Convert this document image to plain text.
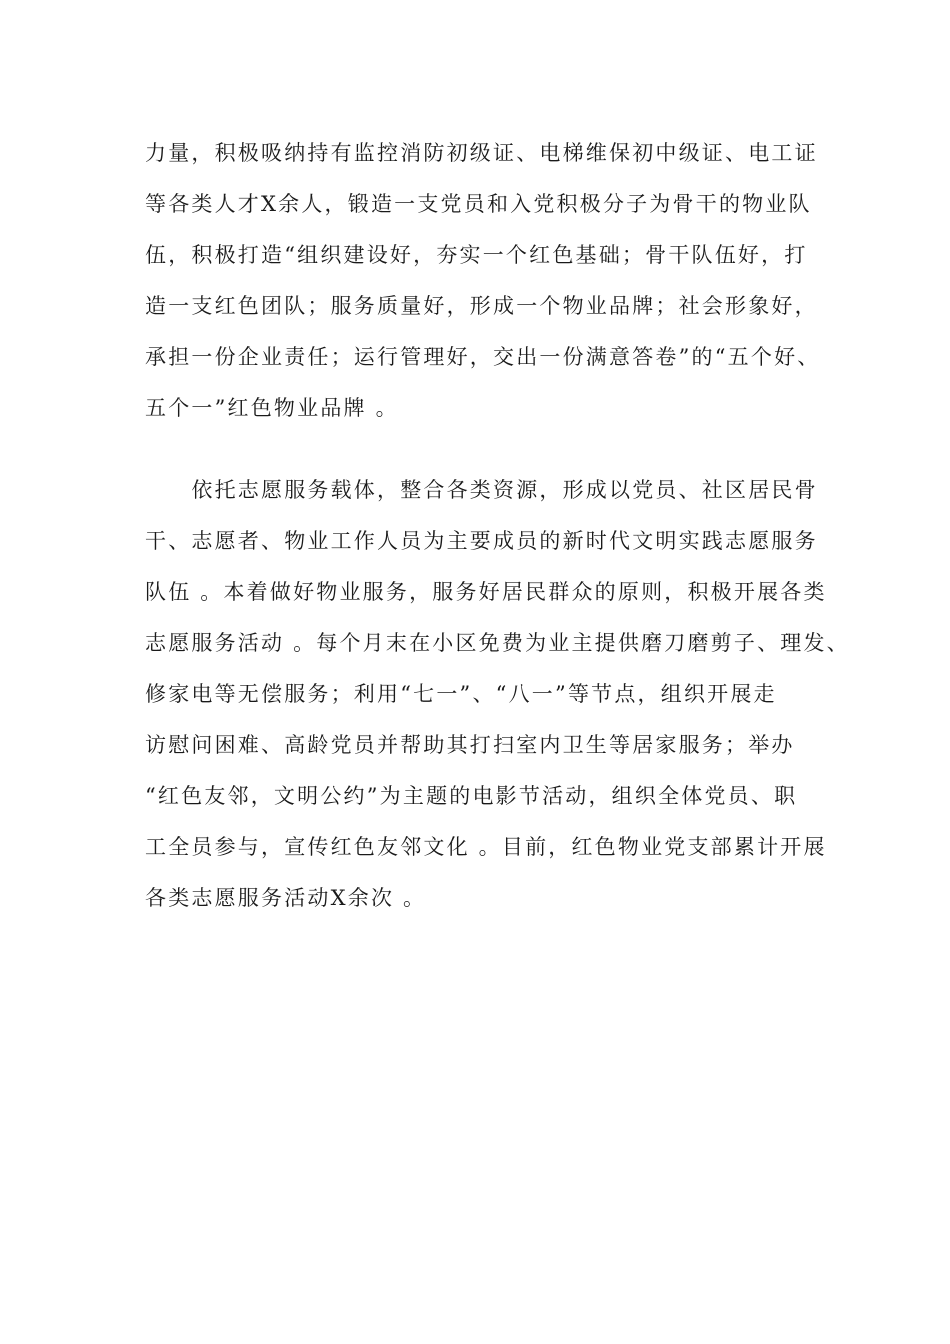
力量，积极吸纳持有监控消防初级证、电梯维保初中级证、电工证
等各类人才X余人，锻造一支党员和入党积极分子为骨干的物业队
伍，积极打造“组织建设好，夯实一个红色基础；骨干队伍好，打
造一支红色团队；服务质量好，形成一个物业品牌；社会形象好，
承担一份企业责任；运行管理好，交出一份满意答卷”的“五个好、
五个一”红色物业品牌 。
　　依托志愿服务载体，整合各类资源，形成以党员、社区居民骨
干、志愿者、物业工作人员为主要成员的新时代文明实践志愿服务
队伍 。本着做好物业服务，服务好居民群众的原则，积极开展各类
志愿服务活动 。每个月末在小区免费为业主提供磨刀磨剪子、理发、
修家电等无偿服务；利用“七一”、“八一”等节点，组织开展走
访慰问困难、高龄党员并帮助其打扫室内卫生等居家服务；举办
“红色友邻，文明公约”为主题的电影节活动，组织全体党员、职
工全员参与，宣传红色友邻文化 。目前，红色物业党支部累计开展
各类志愿服务活动X余次 。
